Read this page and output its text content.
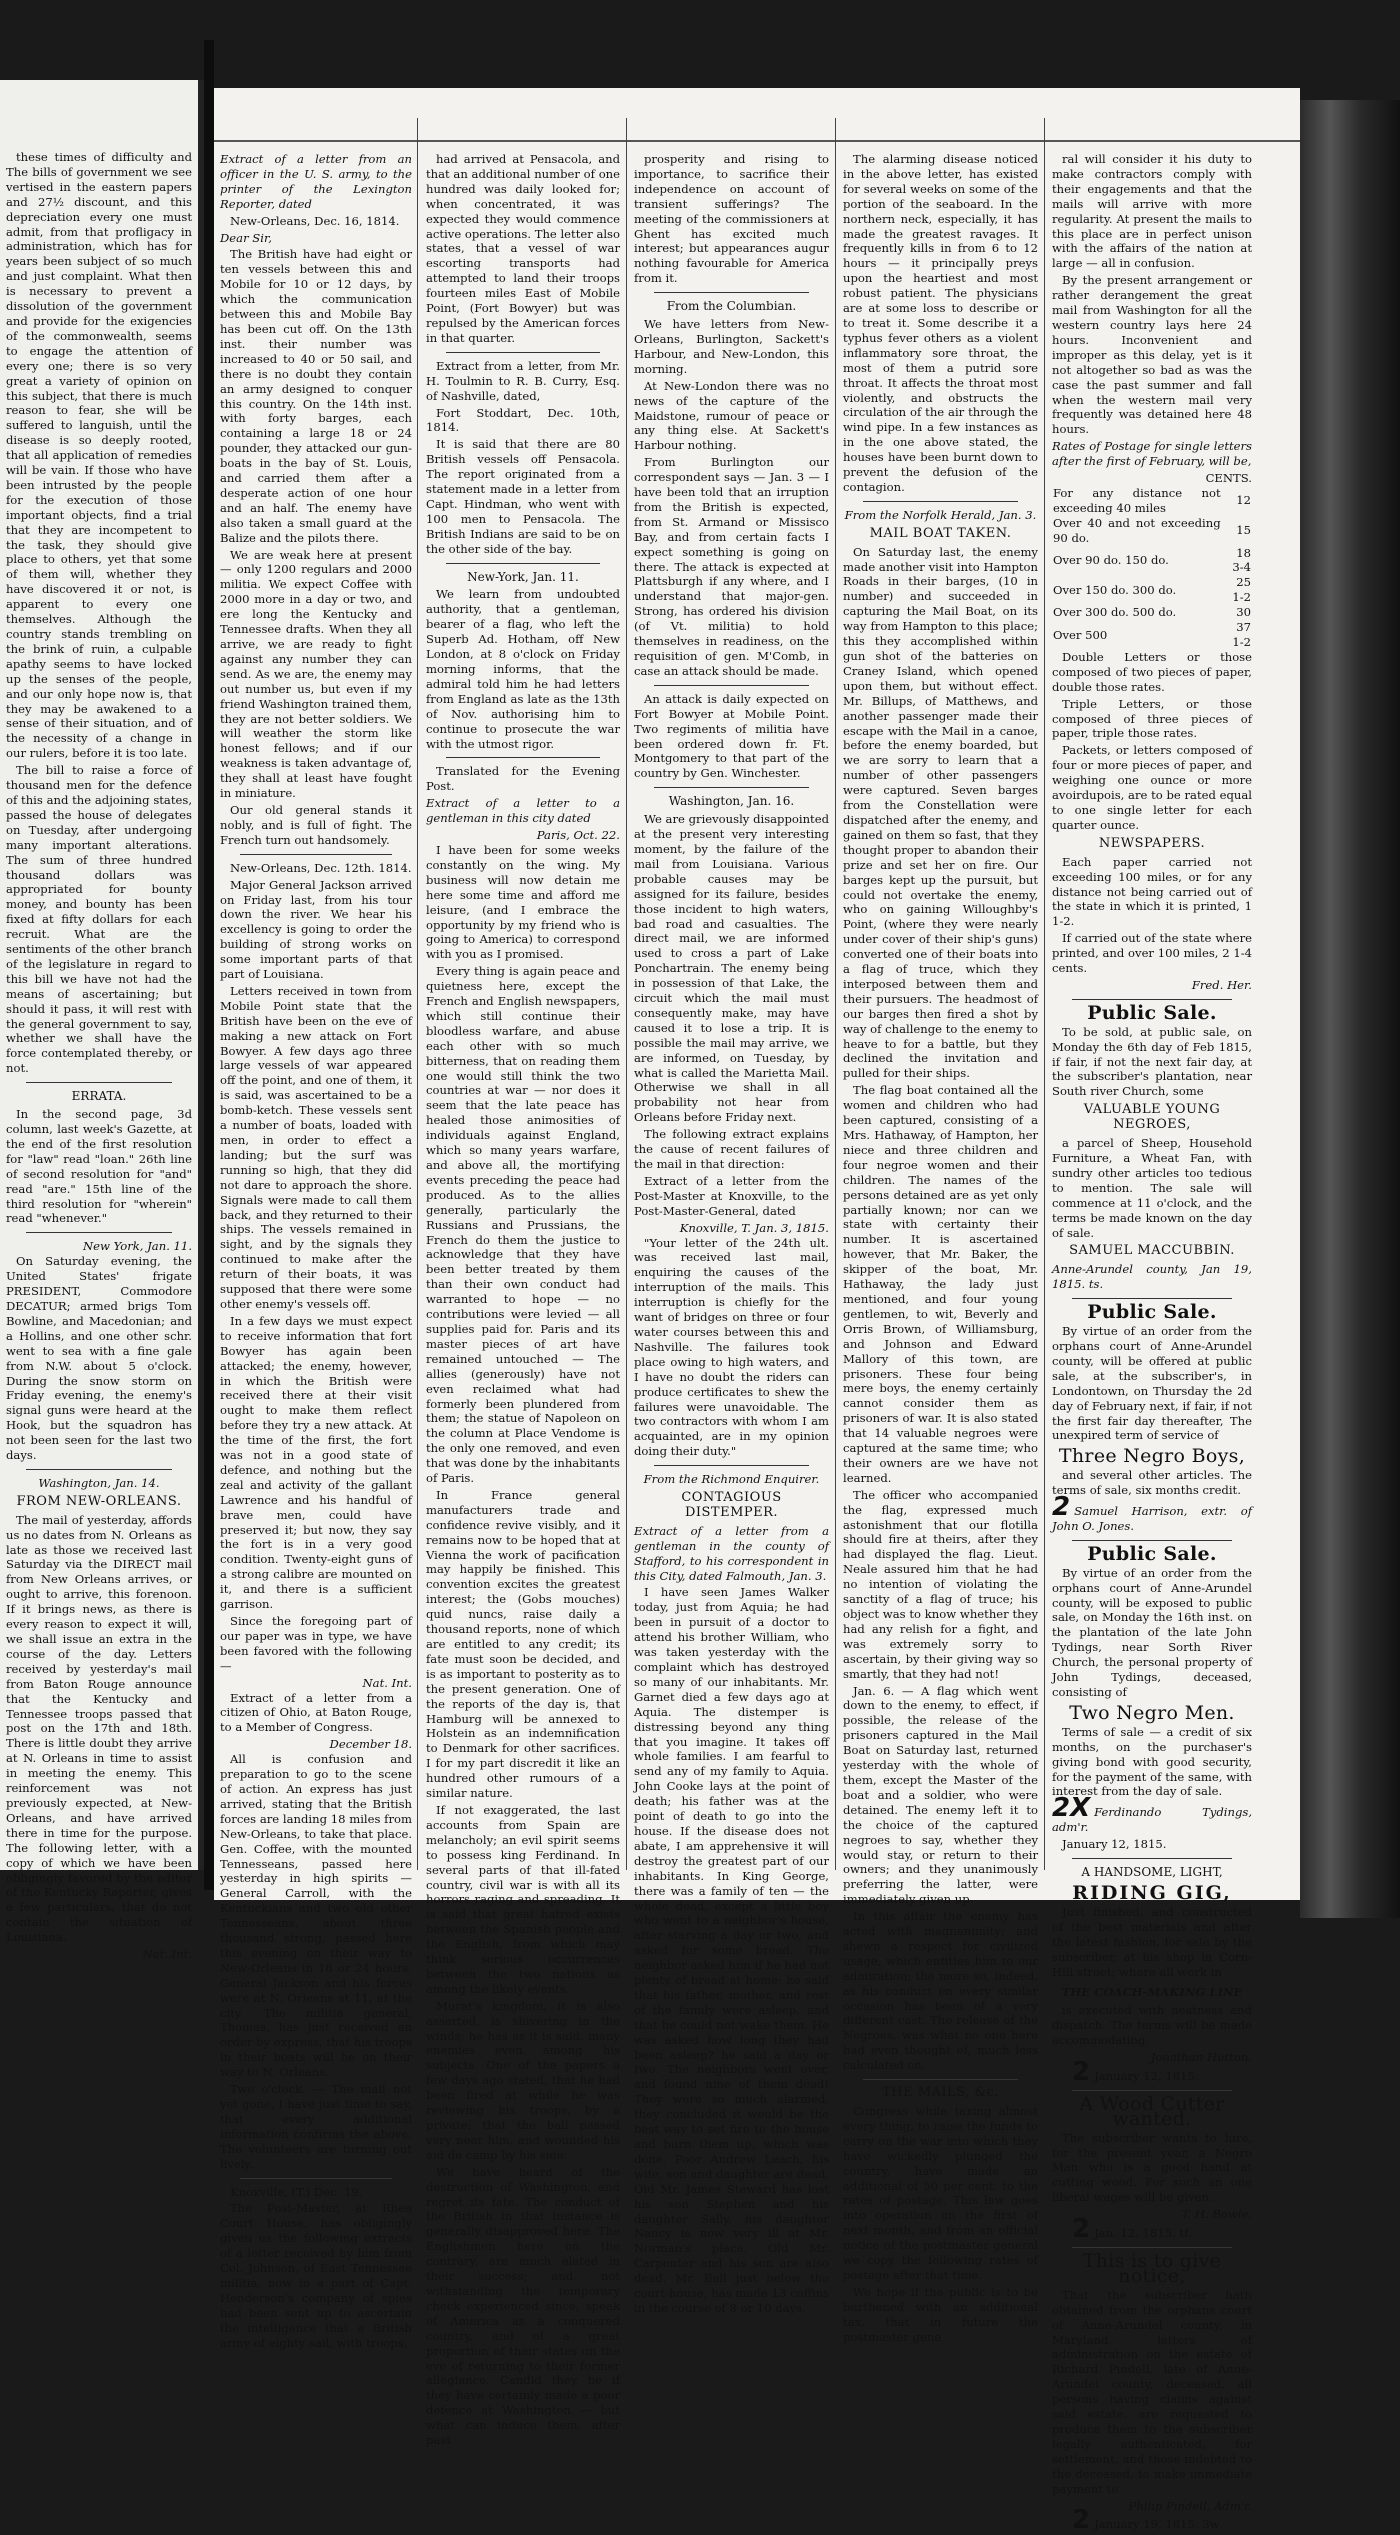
these times of difficulty and The bills of government we see vertised in the eastern papers and 27½ discount, and this depreciation every one must admit, from that profligacy in administration, which has for years been subject of so much and just complaint. What then is necessary to prevent a dissolution of the government and provide for the exigencies of the commonwealth, seems to engage the attention of every one; there is so very great a variety of opinion on this subject, that there is much reason to fear, she will be suffered to languish, until the disease is so deeply rooted, that all application of remedies will be vain. If those who have been intrusted by the people for the execution of those important objects, find a trial that they are incompetent to the task, they should give place to others, yet that some of them will, whether they have discovered it or not, is apparent to every one themselves. Although the country stands trembling on the brink of ruin, a culpable apathy seems to have locked up the senses of the people, and our only hope now is, that they may be awakened to a sense of their situation, and of the necessity of a change in our rulers, before it is too late.

The bill to raise a force of thousand men for the defence of this and the adjoining states, passed the house of delegates on Tuesday, after undergoing many important alterations. The sum of three hundred thousand dollars was appropriated for bounty money, and bounty has been fixed at fifty dollars for each recruit. What are the sentiments of the other branch of the legislature in regard to this bill we have not had the means of ascertaining; but should it pass, it will rest with the general government to say, whether we shall have the force contemplated thereby, or not.

ERRATA.

In the second page, 3d column, last week's Gazette, at the end of the first resolution for "law" read "loan." 26th line of second resolution for "and" read "are." 15th line of the third resolution for "wherein" read "whenever."

New York, Jan. 11.

On Saturday evening, the United States' frigate PRESIDENT, Commodore DECATUR; armed brigs Tom Bowline, and Macedonian; and a Hollins, and one other schr. went to sea with a fine gale from N.W. about 5 o'clock. During the snow storm on Friday evening, the enemy's signal guns were heard at the Hook, but the squadron has not been seen for the last two days.

Washington, Jan. 14.
FROM NEW-ORLEANS.

The mail of yesterday, affords us no dates from N. Orleans as late as those we received last Saturday via the DIRECT mail from New Orleans arrives, or ought to arrive, this forenoon. If it brings news, as there is every reason to expect it will, we shall issue an extra in the course of the day. Letters received by yesterday's mail from Baton Rouge announce that the Kentucky and Tennessee troops passed that post on the 17th and 18th. There is little doubt they arrive at N. Orleans in time to assist in meeting the enemy. This reinforcement was not previously expected, at New-Orleans, and have arrived there in time for the purpose. The following letter, with a copy of which we have been obligingly favored by the editor of the Kentucky Reporter, gives a few particulars, that do not contain the situation of Louisiana.

Nat. Int.

Extract of a letter from an officer in the U. S. army, to the printer of the Lexington Reporter, dated

New-Orleans, Dec. 16, 1814.

Dear Sir,

The British have had eight or ten vessels between this and Mobile for 10 or 12 days, by which the communication between this and Mobile Bay has been cut off. On the 13th inst. their number was increased to 40 or 50 sail, and there is no doubt they contain an army designed to conquer this country. On the 14th inst. with forty barges, each containing a large 18 or 24 pounder, they attacked our gun-boats in the bay of St. Louis, and carried them after a desperate action of one hour and an half. The enemy have also taken a small guard at the Balize and the pilots there.

We are weak here at present — only 1200 regulars and 2000 militia. We expect Coffee with 2000 more in a day or two, and ere long the Kentucky and Tennessee drafts. When they all arrive, we are ready to fight against any number they can send. As we are, the enemy may out number us, but even if my friend Washington trained them, they are not better soldiers. We will weather the storm like honest fellows; and if our weakness is taken advantage of, they shall at least have fought in miniature.

Our old general stands it nobly, and is full of fight. The French turn out handsomely.

New-Orleans, Dec. 12th. 1814.

Major General Jackson arrived on Friday last, from his tour down the river. We hear his excellency is going to order the building of strong works on some important parts of that part of Louisiana.

Letters received in town from Mobile Point state that the British have been on the eve of making a new attack on Fort Bowyer. A few days ago three large vessels of war appeared off the point, and one of them, it is said, was ascertained to be a bomb-ketch. These vessels sent a number of boats, loaded with men, in order to effect a landing; but the surf was running so high, that they did not dare to approach the shore. Signals were made to call them back, and they returned to their ships. The vessels remained in sight, and by the signals they continued to make after the return of their boats, it was supposed that there were some other enemy's vessels off.

In a few days we must expect to receive information that fort Bowyer has again been attacked; the enemy, however, in which the British were received there at their visit ought to make them reflect before they try a new attack. At the time of the first, the fort was not in a good state of defence, and nothing but the zeal and activity of the gallant Lawrence and his handful of brave men, could have preserved it; but now, they say the fort is in a very good condition. Twenty-eight guns of a strong calibre are mounted on it, and there is a sufficient garrison.

Since the foregoing part of our paper was in type, we have been favored with the following —

Nat. Int.

Extract of a letter from a citizen of Ohio, at Baton Rouge, to a Member of Congress.

December 18.

All is confusion and preparation to go to the scene of action. An express has just arrived, stating that the British forces are landing 18 miles from New-Orleans, to take that place. Gen. Coffee, with the mounted Tennesseans, passed here yesterday in high spirits — General Carroll, with the Kentuckians and two old other Tennesseans, about three thousand strong, passed here this evening on their way to New-Orleans in 18 or 24 hours. General Jackson and his forces were at N. Orleans at 11, at the city. The militia general, Thomas, has just received an order by express, that his troops in their boats will be on their way to N. Orleans.

Two o'clock. — The mail not yet gone, I have just time to say, that every additional information confirms the above. The volunteers are turning out lively.

Knoxville, (T.) Dec. 19.

The Post-Master, at Rhea Court House, has obligingly given us the following extracts of a letter received by him from Col. Johnson, of East Tennessee militia, now in a part of Capt. Henderson's company of spies had been sent up to ascertain the intelligence that a British army of eighty sail, with troops,

had arrived at Pensacola, and that an additional number of one hundred was daily looked for; when concentrated, it was expected they would commence active operations. The letter also states, that a vessel of war escorting transports had attempted to land their troops fourteen miles East of Mobile Point, (Fort Bowyer) but was repulsed by the American forces in that quarter.

Extract from a letter, from Mr. H. Toulmin to R. B. Curry, Esq. of Nashville, dated,

Fort Stoddart, Dec. 10th, 1814.

It is said that there are 80 British vessels off Pensacola. The report originated from a statement made in a letter from Capt. Hindman, who went with 100 men to Pensacola. The British Indians are said to be on the other side of the bay.

New-York, Jan. 11.

We learn from undoubted authority, that a gentleman, bearer of a flag, who left the Superb Ad. Hotham, off New London, at 8 o'clock on Friday morning informs, that the admiral told him he had letters from England as late as the 13th of Nov. authorising him to continue to prosecute the war with the utmost rigor.

Translated for the Evening Post.

Extract of a letter to a gentleman in this city dated

Paris, Oct. 22.

I have been for some weeks constantly on the wing. My business will now detain me here some time and afford me leisure, (and I embrace the opportunity by my friend who is going to America) to correspond with you as I promised.

Every thing is again peace and quietness here, except the French and English newspapers, which still continue their bloodless warfare, and abuse each other with so much bitterness, that on reading them one would still think the two countries at war — nor does it seem that the late peace has healed those animosities of individuals against England, which so many years warfare, and above all, the mortifying events preceding the peace had produced. As to the allies generally, particularly the Russians and Prussians, the French do them the justice to acknowledge that they have been better treated by them than their own conduct had warranted to hope — no contributions were levied — all supplies paid for. Paris and its master pieces of art have remained untouched — The allies (generously) have not even reclaimed what had formerly been plundered from them; the statue of Napoleon on the column at Place Vendome is the only one removed, and even that was done by the inhabitants of Paris.

In France general manufacturers trade and confidence revive visibly, and it remains now to be hoped that at Vienna the work of pacification may happily be finished. This convention excites the greatest interest; the (Gobs mouches) quid nuncs, raise daily a thousand reports, none of which are entitled to any credit; its fate must soon be decided, and is as important to posterity as to the present generation. One of the reports of the day is, that Hamburg will be annexed to Holstein as an indemnification to Denmark for other sacrifices. I for my part discredit it like an hundred other rumours of a similar nature.

If not exaggerated, the last accounts from Spain are melancholy; an evil spirit seems to possess king Ferdinand. In several parts of that ill-fated country, civil war is with all its horrors raging and spreading. It is said that great hatred exists between the Spanish people and the English, from which may think serious occurrences between the two nations as among the likely events.

Murat's kingdom, it is also asserted, is shivering in the winds; he has as it is said, many enemies even among his subjects. One of the papers a few days ago stated, that he had been fired at while he was reviewing his troops, by a private; that the ball passed very near him, and wounded his aid de camp by his side.

We have heard of the destruction of Washington, and regret its fate. The conduct of the British in that instance is generally disapproved here. The Englishmen here on the contrary, are much elated in their success; and, not withstanding the temporary check experienced since, speak of America as a conquered country, and of a great proportion of their states on the eve of returning to their former allegiance. Candid they be if they have certainly made a poor defence at Washington — but what can induce them, after past

prosperity and rising to importance, to sacrifice their independence on account of transient sufferings? The meeting of the commissioners at Ghent has excited much interest; but appearances augur nothing favourable for America from it.

From the Columbian.

We have letters from New-Orleans, Burlington, Sackett's Harbour, and New-London, this morning.

At New-London there was no news of the capture of the Maidstone, rumour of peace or any thing else. At Sackett's Harbour nothing.

From Burlington our correspondent says — Jan. 3 — I have been told that an irruption from the British is expected, from St. Armand or Missisco Bay, and from certain facts I expect something is going on there. The attack is expected at Plattsburgh if any where, and I understand that major-gen. Strong, has ordered his division (of Vt. militia) to hold themselves in readiness, on the requisition of gen. M'Comb, in case an attack should be made.

An attack is daily expected on Fort Bowyer at Mobile Point. Two regiments of militia have been ordered down fr. Ft. Montgomery to that part of the country by Gen. Winchester.

Washington, Jan. 16.

We are grievously disappointed at the present very interesting moment, by the failure of the mail from Louisiana. Various probable causes may be assigned for its failure, besides those incident to high waters, bad road and casualties. The direct mail, we are informed used to cross a part of Lake Ponchartrain. The enemy being in possession of that Lake, the circuit which the mail must consequently make, may have caused it to lose a trip. It is possible the mail may arrive, we are informed, on Tuesday, by what is called the Marietta Mail. Otherwise we shall in all probability not hear from Orleans before Friday next.

The following extract explains the cause of recent failures of the mail in that direction:

Extract of a letter from the Post-Master at Knoxville, to the Post-Master-General, dated

Knoxville, T. Jan. 3, 1815.

"Your letter of the 24th ult. was received last mail, enquiring the causes of the interruption of the mails. This interruption is chiefly for the want of bridges on three or four water courses between this and Nashville. The failures took place owing to high waters, and I have no doubt the riders can produce certificates to shew the failures were unavoidable. The two contractors with whom I am acquainted, are in my opinion doing their duty."

From the Richmond Enquirer.
CONTAGIOUS DISTEMPER.

Extract of a letter from a gentleman in the county of Stafford, to his correspondent in this City, dated Falmouth, Jan. 3.

I have seen James Walker today, just from Aquia; he had been in pursuit of a doctor to attend his brother William, who was taken yesterday with the complaint which has destroyed so many of our inhabitants. Mr. Garnet died a few days ago at Aquia. The distemper is distressing beyond any thing that you imagine. It takes off whole families. I am fearful to send any of my family to Aquia. John Cooke lays at the point of death; his father was at the point of death to go into the house. If the disease does not abate, I am apprehensive it will destroy the greatest part of our inhabitants. In King George, there was a family of ten — the whole dead, except a little boy who went to a neighbor's house, after starving a day or two, and asked for some bread. The neighbor asked him if he had not plenty of bread at home; he said that his father, mother, and rest of the family were asleep, and that he could not wake them. He was asked how long they had been asleep? he said a day or two. The neighbors went over, and found nine of them dead! They were so much alarmed, they concluded it would be the best way to set fire to the house and burn them up; which was done. Poor Andrew Leach, his wife, son and daughter are dead. Old Mr. James Steward has lost his son Stephen and his daughter Sally, his daughter Nancy is now very ill at Mr. Norman's place. Old Mr. Carpenter and his son are also dead. Mr. Ball just below the court-house, has made 13 coffins in the course of 8 or 10 days.

The alarming disease noticed in the above letter, has existed for several weeks on some of the portion of the seaboard. In the northern neck, especially, it has made the greatest ravages. It frequently kills in from 6 to 12 hours — it principally preys upon the heartiest and most robust patient. The physicians are at some loss to describe or to treat it. Some describe it a typhus fever others as a violent inflammatory sore throat, the most of them a putrid sore throat. It affects the throat most violently, and obstructs the circulation of the air through the wind pipe. In a few instances as in the one above stated, the houses have been burnt down to prevent the defusion of the contagion.

From the Norfolk Herald, Jan. 3.
MAIL BOAT TAKEN.

On Saturday last, the enemy made another visit into Hampton Roads in their barges, (10 in number) and succeeded in capturing the Mail Boat, on its way from Hampton to this place; this they accomplished within gun shot of the batteries on Craney Island, which opened upon them, but without effect. Mr. Billups, of Matthews, and another passenger made their escape with the Mail in a canoe, before the enemy boarded, but we are sorry to learn that a number of other passengers were captured. Seven barges from the Constellation were dispatched after the enemy, and gained on them so fast, that they thought proper to abandon their prize and set her on fire. Our barges kept up the pursuit, but could not overtake the enemy, who on gaining Willoughby's Point, (where they were nearly under cover of their ship's guns) converted one of their boats into a flag of truce, which they interposed between them and their pursuers. The headmost of our barges then fired a shot by way of challenge to the enemy to heave to for a battle, but they declined the invitation and pulled for their ships.

The flag boat contained all the women and children who had been captured, consisting of a Mrs. Hathaway, of Hampton, her niece and three children and four negroe women and their children. The names of the persons detained are as yet only partially known; nor can we state with certainty their number. It is ascertained however, that Mr. Baker, the skipper of the boat, Mr. Hathaway, the lady just mentioned, and four young gentlemen, to wit, Beverly and Orris Brown, of Williamsburg, and Johnson and Edward Mallory of this town, are prisoners. These four being mere boys, the enemy certainly cannot consider them as prisoners of war. It is also stated that 14 valuable negroes were captured at the same time; who their owners are we have not learned.

The officer who accompanied the flag, expressed much astonishment that our flotilla should fire at theirs, after they had displayed the flag. Lieut. Neale assured him that he had no intention of violating the sanctity of a flag of truce; his object was to know whether they had any relish for a fight, and was extremely sorry to ascertain, by their giving way so smartly, that they had not!

Jan. 6. — A flag which went down to the enemy, to effect, if possible, the release of the prisoners captured in the Mail Boat on Saturday last, returned yesterday with the whole of them, except the Master of the boat and a soldier, who were detained. The enemy left it to the choice of the captured negroes to say, whether they would stay, or return to their owners; and they unanimously preferring the latter, were immediately given up.

In this affair the enemy has acted with magnanimity; and shewn a respect for civilized usage, which entitles him to our admiration; the more so, indeed, as his conduct on every similar occasion has been of a very different cast. The release of the Negroes, was what no one here had even thought of, much less calculated on.

THE MAILS, &c.

Congress while taxing almost every thing, to raise the funds to carry on the war into which they have wickedly plunged the country, have made an additional of 50 per cent. to the rates of postage. This law goes into operation on the first of next month, and from an official notice of the postmaster general we copy the following rates of postage after that time.

We hope if the public is to be burthened with an additional tax, that in future the postmaster gene

ral will consider it his duty to make contractors comply with their engagements and that the mails will arrive with more regularity. At present the mails to this place are in perfect unison with the affairs of the nation at large — all in confusion.

By the present arrangement or rather derangement the great mail from Washington for all the western country lays here 24 hours. Inconvenient and improper as this delay, yet is it not altogether so bad as was the case the past summer and fall when the western mail very frequently was detained here 48 hours.

Rates of Postage for single letters after the first of February, will be,

CENTS.
For any distance not exceeding 40 miles	12
Over 40 and not exceeding 90 do.	15
Over 90 do. 150 do.	18 3-4
Over 150 do. 300 do.	25 1-2
Over 300 do. 500 do.	30
Over 500	37 1-2

Double Letters or those composed of two pieces of paper, double those rates.

Triple Letters, or those composed of three pieces of paper, triple those rates.

Packets, or letters composed of four or more pieces of paper, and weighing one ounce or more avoirdupois, are to be rated equal to one single letter for each quarter ounce.

NEWSPAPERS.

Each paper carried not exceeding 100 miles, or for any distance not being carried out of the state in which it is printed, 1 1-2.

If carried out of the state where printed, and over 100 miles, 2 1-4 cents.

Fred. Her.
Public Sale.

To be sold, at public sale, on Monday the 6th day of Feb 1815, if fair, if not the next fair day, at the subscriber's plantation, near South river Church, some

VALUABLE YOUNG NEGROES,

a parcel of Sheep, Household Furniture, a Wheat Fan, with sundry other articles too tedious to mention. The sale will commence at 11 o'clock, and the terms be made known on the day of sale.

SAMUEL MACCUBBIN.

Anne-Arundel county, Jan 19, 1815. ts.

Public Sale.

By virtue of an order from the orphans court of Anne-Arundel county, will be offered at public sale, at the subscriber's, in Londontown, on Thursday the 2d day of February next, if fair, if not the first fair day thereafter, The unexpired term of service of

Three Negro Boys,

and several other articles. The terms of sale, six months credit.

2 Samuel Harrison, extr. of John O. Jones.

Public Sale.

By virtue of an order from the orphans court of Anne-Arundel county, will be exposed to public sale, on Monday the 16th inst. on the plantation of the late John Tydings, near Sorth River Church, the personal property of John Tydings, deceased, consisting of

Two Negro Men.

Terms of sale — a credit of six months, on the purchaser's giving bond with good security, for the payment of the same, with interest from the day of sale.

2X Ferdinando Tydings, adm'r.

January 12, 1815.

A HANDSOME, LIGHT,
RIDING GIG,

Just finished, and constructed of the best materials and after the latest fashion, for sale by the subscriber, at his shop in Corn-Hill street; where all work in

THE COACH-MAKING LINE

is executed with neatness and dispatch. The terms will be made accommodating.

Jonathan Hutton.

2 January 12, 1815.

A Wood Cutter wanted.

The subscriber wants to hire, for the present year, a Negro Man who is a good hand at cutting wood. For such an one liberal wages will be given.

T. H. Bowie.

2 Jan. 12, 1815. tf.

This is to give notice,

That the subscriber hath obtained from the orphans court of Anne-Arundel county, in Maryland, letters of administration on the estate of Richard Pindell, late of Anne-Arundel county, deceased, all persons having claims against said estate, are requested to produce them to the subscriber legally authenticated, for settlement, and those indebted to the deceased, to make immediate payment to

Philip Pindell, Adm'r.

2 January 19, 1815. 3w
